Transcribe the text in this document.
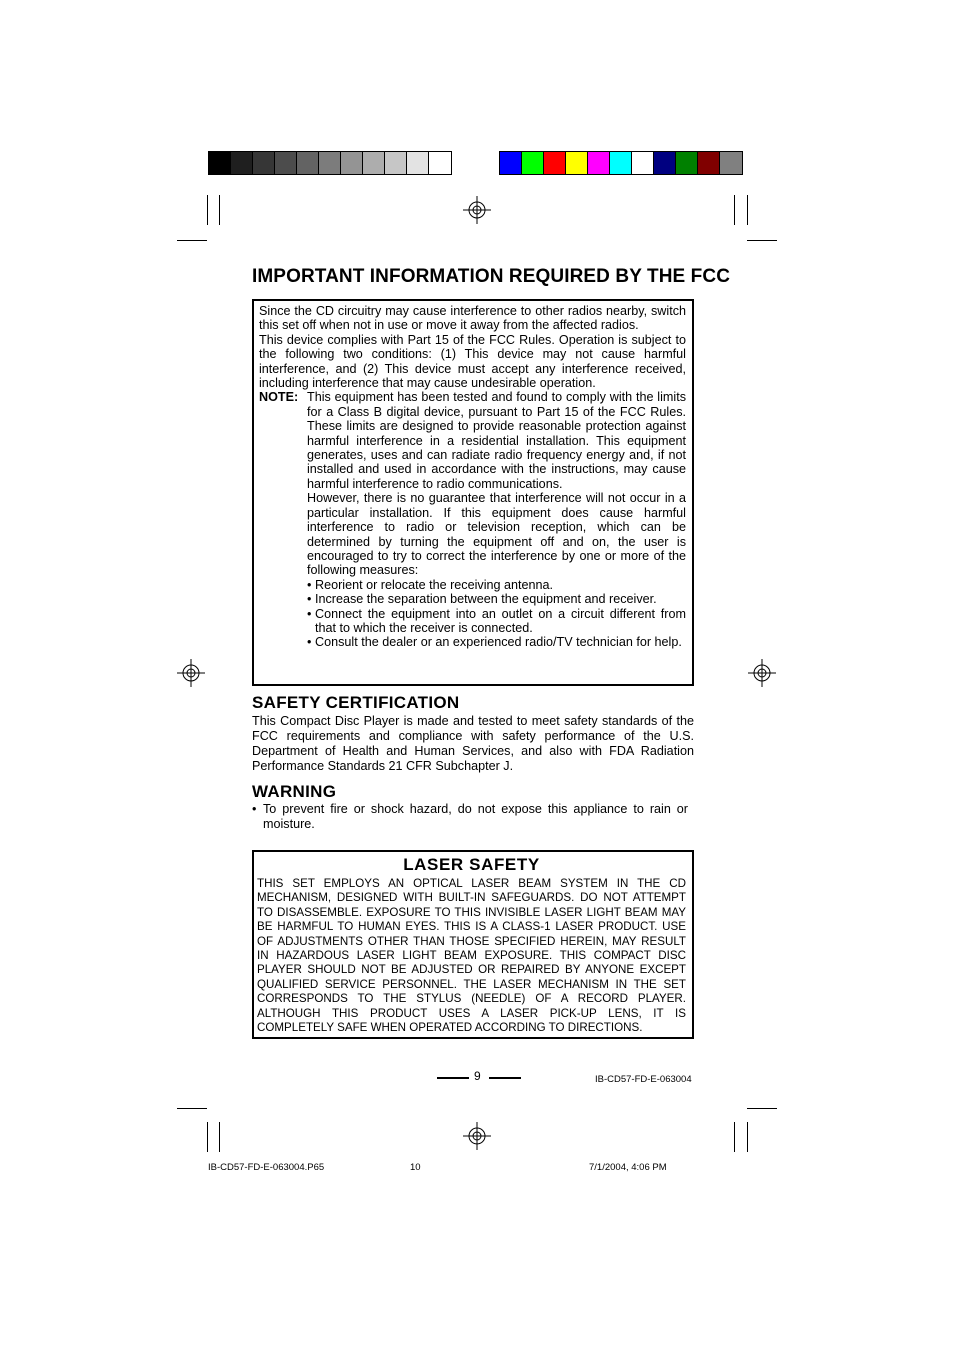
IMPORTANT INFORMATION REQUIRED BY THE FCC

Since the CD circuitry may cause interference to other radios nearby, switch this set off when not in use or move it away from the affected radios.

This device complies with Part 15 of the FCC Rules. Operation is subject to the following two conditions: (1) This device may not cause harmful interference, and (2) This device must accept any interference received, including interference that may cause undesirable operation.

NOTE: This equipment has been tested and found to comply with the limits for a Class B digital device, pursuant to Part 15 of the FCC Rules. These limits are designed to provide reasonable protection against harmful interference in a residential installation. This equipment generates, uses and can radiate radio frequency energy and, if not installed and used in accordance with the instructions, may cause harmful interference to radio communications.

However, there is no guarantee that interference will not occur in a particular installation. If this equipment does cause harmful interference to radio or television reception, which can be determined by turning the equipment off and on, the user is encouraged to try to correct the interference by one or more of the following measures:

• Reorient or relocate the receiving antenna.
• Increase the separation between the equipment and receiver.
• Connect the equipment into an outlet on a circuit different from that to which the receiver is connected.
• Consult the dealer or an experienced radio/TV technician for help.
SAFETY CERTIFICATION

This Compact Disc Player is made and tested to meet safety standards of the FCC requirements and compliance with safety performance of the U.S. Department of Health and Human Services, and also with FDA Radiation Performance Standards 21 CFR Subchapter J.

WARNING
• To prevent fire or shock hazard, do not expose this appliance to rain or moisture.
LASER SAFETY

THIS SET EMPLOYS AN OPTICAL LASER BEAM SYSTEM IN THE CD MECHANISM, DESIGNED WITH BUILT-IN SAFEGUARDS. DO NOT ATTEMPT TO DISASSEMBLE. EXPOSURE TO THIS INVISIBLE LASER LIGHT BEAM MAY BE HARMFUL TO HUMAN EYES. THIS IS A CLASS-1 LASER PRODUCT. USE OF ADJUSTMENTS OTHER THAN THOSE SPECIFIED HEREIN, MAY RESULT IN HAZARDOUS LASER LIGHT BEAM EXPOSURE. THIS COMPACT DISC PLAYER SHOULD NOT BE ADJUSTED OR REPAIRED BY ANYONE EXCEPT QUALIFIED SERVICE PERSONNEL. THE LASER MECHANISM IN THE SET CORRESPONDS TO THE STYLUS (NEEDLE) OF A RECORD PLAYER. ALTHOUGH THIS PRODUCT USES A LASER PICK-UP LENS, IT IS COMPLETELY SAFE WHEN OPERATED ACCORDING TO DIRECTIONS.

9	IB-CD57-FD-E-063004
IB-CD57-FD-E-063004.P65	10	7/1/2004, 4:06 PM
